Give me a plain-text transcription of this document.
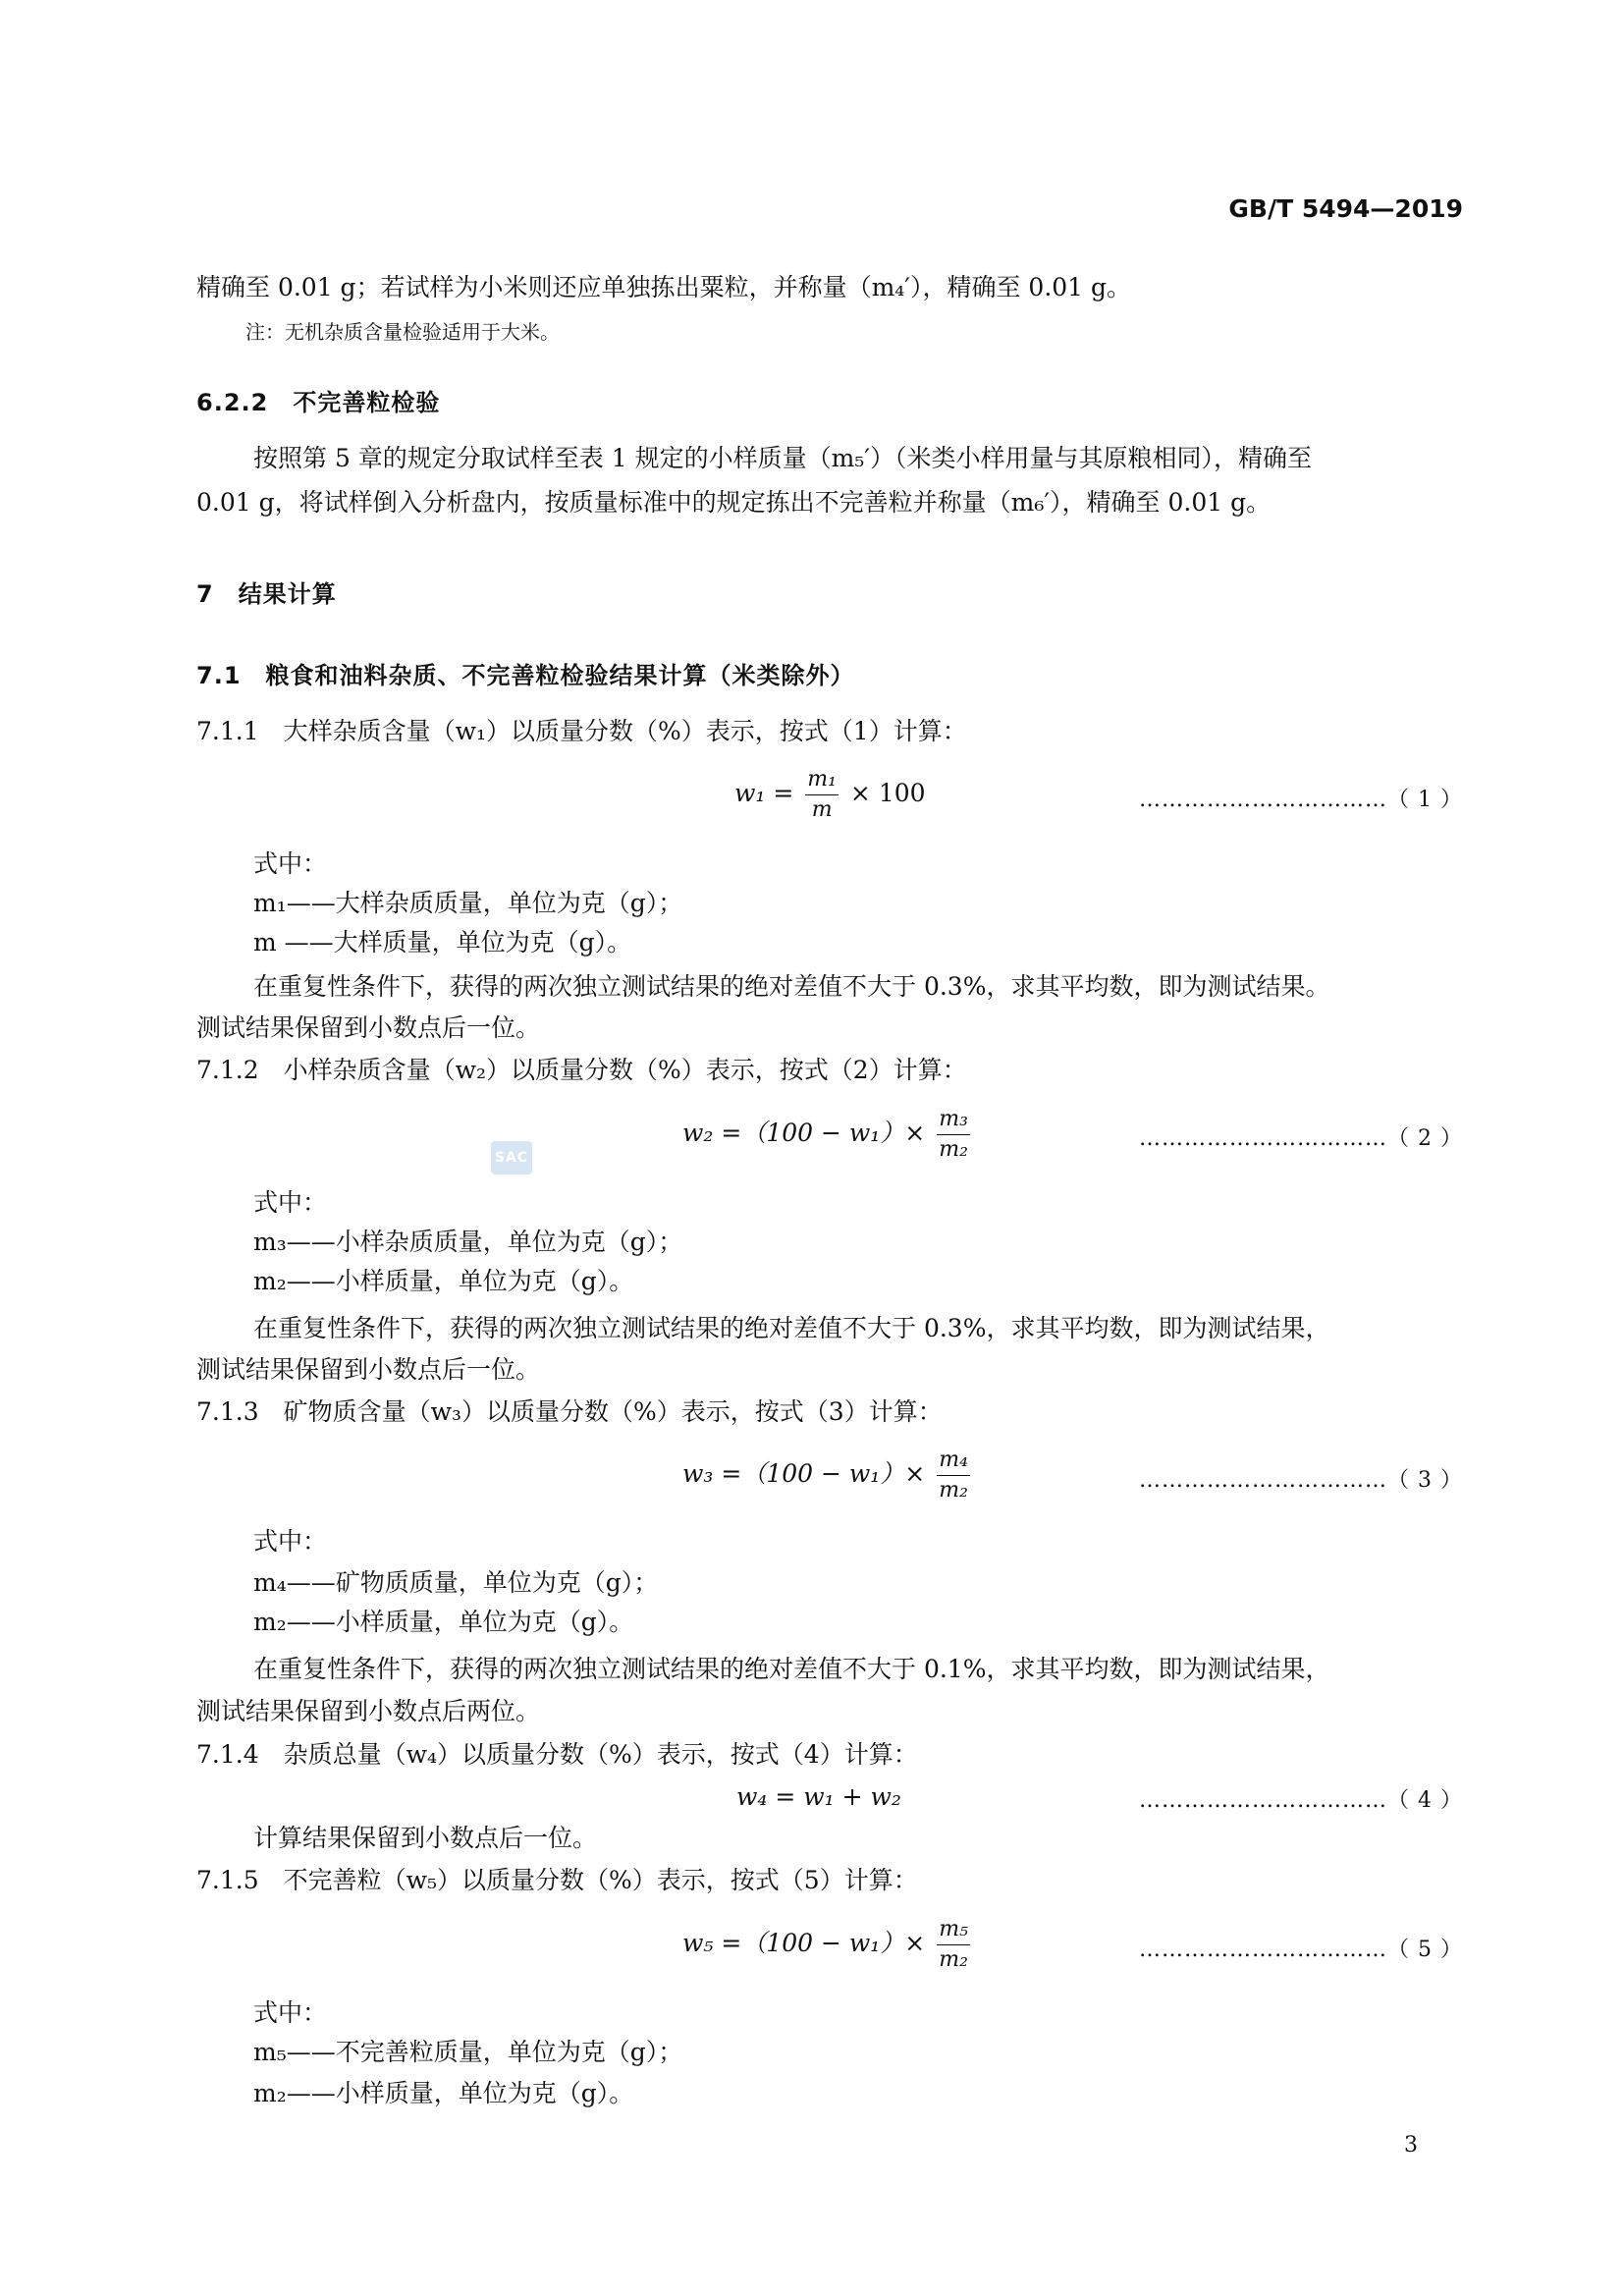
GB/T 5494—2019
精确至 0.01 g；若试样为小米则还应单独拣出粟粒，并称量（m₄′），精确至 0.01 g。
注：无机杂质含量检验适用于大米。
6.2.2　不完善粒检验
按照第 5 章的规定分取试样至表 1 规定的小样质量（m₅′）（米类小样用量与其原粮相同），精确至
0.01 g，将试样倒入分析盘内，按质量标准中的规定拣出不完善粒并称量（m₆′），精确至 0.01 g。
7　结果计算
7.1　粮食和油料杂质、不完善粒检验结果计算（米类除外）
7.1.1　大样杂质含量（w₁）以质量分数（%）表示，按式（1）计算：
$w_1 = \frac{\text{m₁}}{m} \times 100$	……………………………（ 1 ）
式中：
m₁——大样杂质质量，单位为克（g）；
m ——大样质量，单位为克（g）。
在重复性条件下，获得的两次独立测试结果的绝对差值不大于 0.3%，求其平均数，即为测试结果。
测试结果保留到小数点后一位。
7.1.2　小样杂质含量（w₂）以质量分数（%）表示，按式（2）计算：
$w_2 =(100 - w_1)\times \frac{\text{m₃}}{\text{m₂}}$	……………………………（ 2 ）
SAC
式中：
m₃——小样杂质质量，单位为克（g）；
m₂——小样质量，单位为克（g）。
在重复性条件下，获得的两次独立测试结果的绝对差值不大于 0.3%，求其平均数，即为测试结果，
测试结果保留到小数点后一位。
7.1.3　矿物质含量（w₃）以质量分数（%）表示，按式（3）计算：
$w_3 =(100 - w_1)\times \frac{\text{m₄}}{\text{m₂}}$	……………………………（ 3 ）
式中：
m₄——矿物质质量，单位为克（g）；
m₂——小样质量，单位为克（g）。
在重复性条件下，获得的两次独立测试结果的绝对差值不大于 0.1%，求其平均数，即为测试结果，
测试结果保留到小数点后两位。
7.1.4　杂质总量（w₄）以质量分数（%）表示，按式（4）计算：
w₄ = w₁ + w₂	……………………………（ 4 ）
计算结果保留到小数点后一位。
7.1.5　不完善粒（w₅）以质量分数（%）表示，按式（5）计算：
$w_5 =(100 - w_1)\times \frac{\text{m₅}}{\text{m₂}}$	……………………………（ 5 ）
式中：
m₅——不完善粒质量，单位为克（g）；
m₂——小样质量，单位为克（g）。
3
